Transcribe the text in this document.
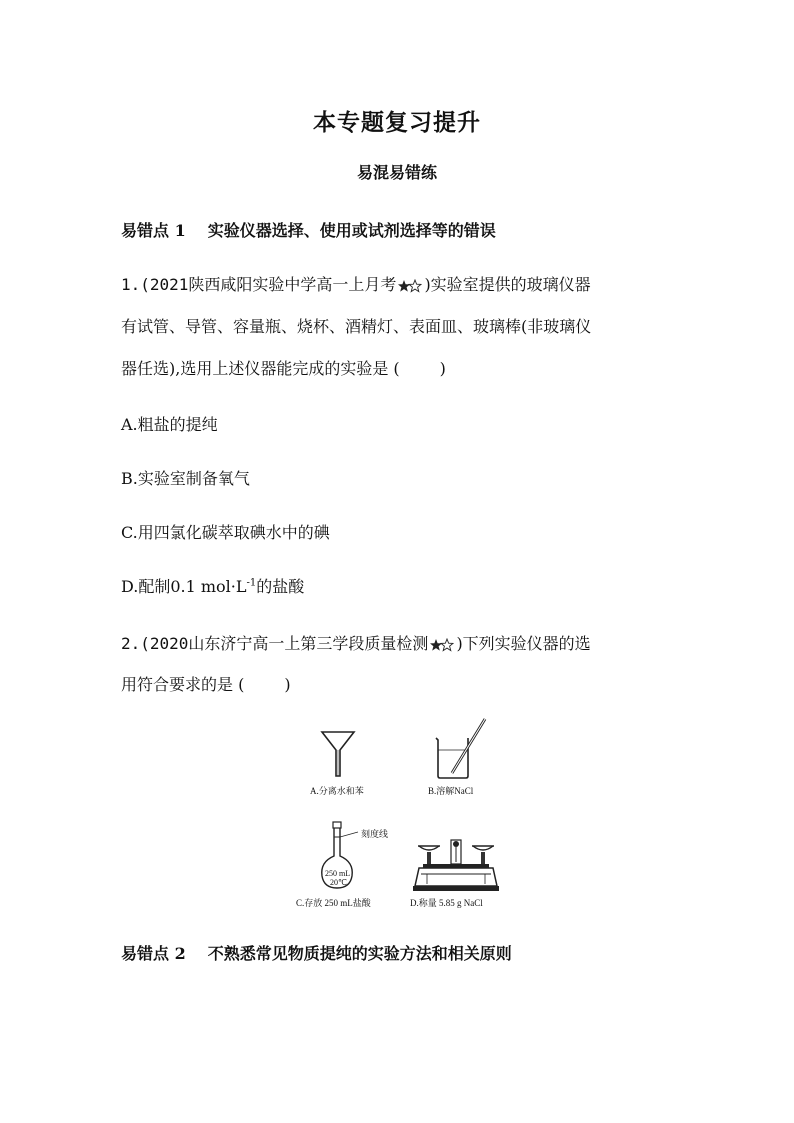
本专题复习提升
易混易错练
易错点 1 实验仪器选择、使用或试剂选择等的错误
1.(2021陕西咸阳实验中学高一上月考 )实验室提供的玻璃仪器
有试管、导管、容量瓶、烧杯、酒精灯、表面皿、玻璃棒(非玻璃仪
器任选),选用上述仪器能完成的实验是 (	)
A.粗盐的提纯
B.实验室制备氧气
C.用四氯化碳萃取碘水中的碘
D.配制0.1 $mol\cdot L^{-1}$的盐酸
2.(2020山东济宁高一上第三学段质量检测 )下列实验仪器的选
用符合要求的是 (	)
A.分离水和苯	B.溶解NaCl
刻度线
250 mL
20℃
C.存放 250 mL盐酸	D.称量 5.85 g NaCl
易错点 2 不熟悉常见物质提纯的实验方法和相关原则
